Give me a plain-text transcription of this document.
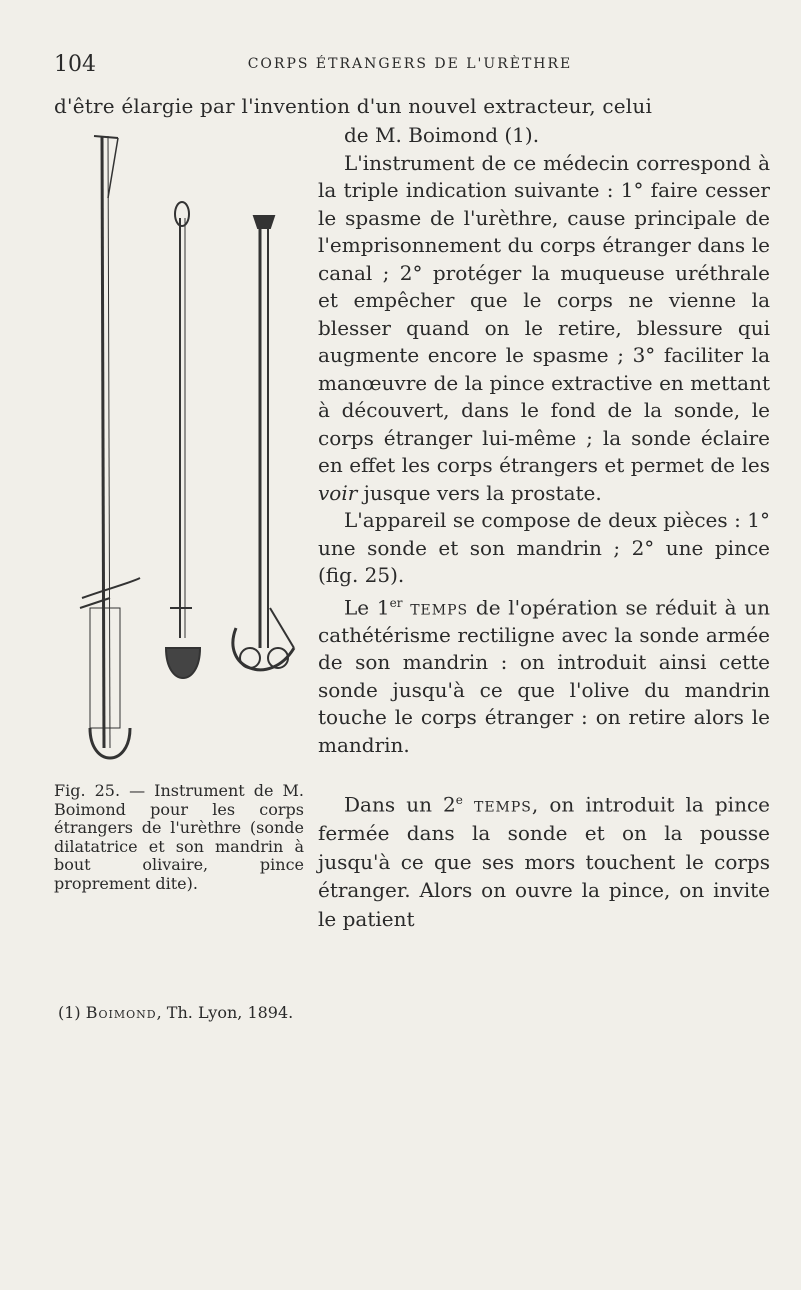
104	CORPS ÉTRANGERS DE L'URÈTHRE
d'être élargie par l'invention d'un nouvel extracteur, celui

de M. Boimond (1).

L'instrument de ce médecin correspond à la triple indication suivante : 1° faire cesser le spasme de l'urèthre, cause principale de l'emprisonnement du corps étranger dans le canal ; 2° protéger la muqueuse uréthrale et empêcher que le corps ne vienne la blesser quand on le retire, blessure qui augmente encore le spasme ; 3° faciliter la manœuvre de la pince extractive en mettant à découvert, dans le fond de la sonde, le corps étranger lui-même ; la sonde éclaire en effet les corps étrangers et permet de les voir jusque vers la prostate.

L'appareil se compose de deux pièces : 1° une sonde et son mandrin ; 2° une pince (fig. 25).

Le 1er temps de l'opération se réduit à un cathétérisme rectiligne avec la sonde armée de son mandrin : on introduit ainsi cette sonde jusqu'à ce que l'olive du mandrin touche le corps étranger : on retire alors le mandrin.

Fig. 25. — Instrument de M. Boimond pour les corps étrangers de l'urèthre (sonde dilatatrice et son mandrin à bout olivaire, pince proprement dite).

Dans un 2e temps, on introduit la pince fermée dans la sonde et on la pousse jusqu'à ce que ses mors touchent le corps étranger. Alors on ouvre la pince, on invite le patient

(1) Boimond, Th. Lyon, 1894.
